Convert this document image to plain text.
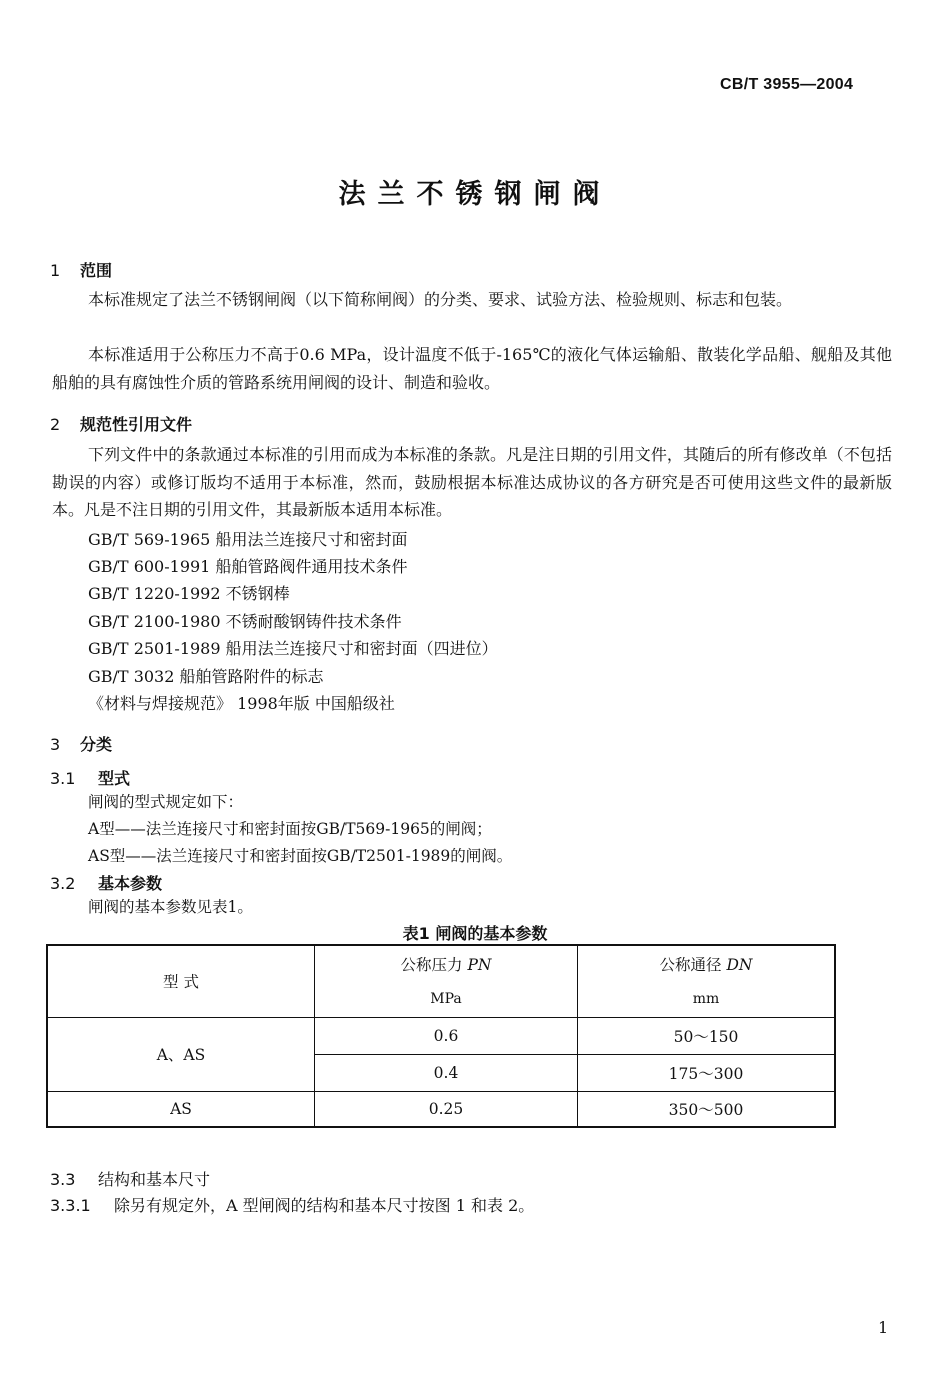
CB/T 3955—2004
法兰不锈钢闸阀
1 范围
本标准规定了法兰不锈钢闸阀（以下简称闸阀）的分类、要求、试验方法、检验规则、标志和包装。
本标准适用于公称压力不高于0.6 MPa，设计温度不低于-165℃的液化气体运输船、散装化学品船、舰船及其他船舶的具有腐蚀性介质的管路系统用闸阀的设计、制造和验收。
2 规范性引用文件
下列文件中的条款通过本标准的引用而成为本标准的条款。凡是注日期的引用文件，其随后的所有修改单（不包括勘误的内容）或修订版均不适用于本标准，然而，鼓励根据本标准达成协议的各方研究是否可使用这些文件的最新版本。凡是不注日期的引用文件，其最新版本适用本标准。
GB/T 569-1965 船用法兰连接尺寸和密封面
GB/T 600-1991 船舶管路阀件通用技术条件
GB/T 1220-1992 不锈钢棒
GB/T 2100-1980 不锈耐酸钢铸件技术条件
GB/T 2501-1989 船用法兰连接尺寸和密封面（四进位）
GB/T 3032 船舶管路附件的标志
《材料与焊接规范》 1998年版 中国船级社
3 分类
3.1 型式
闸阀的型式规定如下：
A型——法兰连接尺寸和密封面按GB/T569-1965的闸阀；
AS型——法兰连接尺寸和密封面按GB/T2501-1989的闸阀。
3.2 基本参数
闸阀的基本参数见表1。
表1 闸阀的基本参数
型 式	公称压力 PN	公称通径 DN
	MPa	mm
A、AS	0.6	50～150
	0.4	175～300
AS	0.25	350～500
3.3 结构和基本尺寸
3.3.1 除另有规定外，A 型闸阀的结构和基本尺寸按图 1 和表 2。
1
